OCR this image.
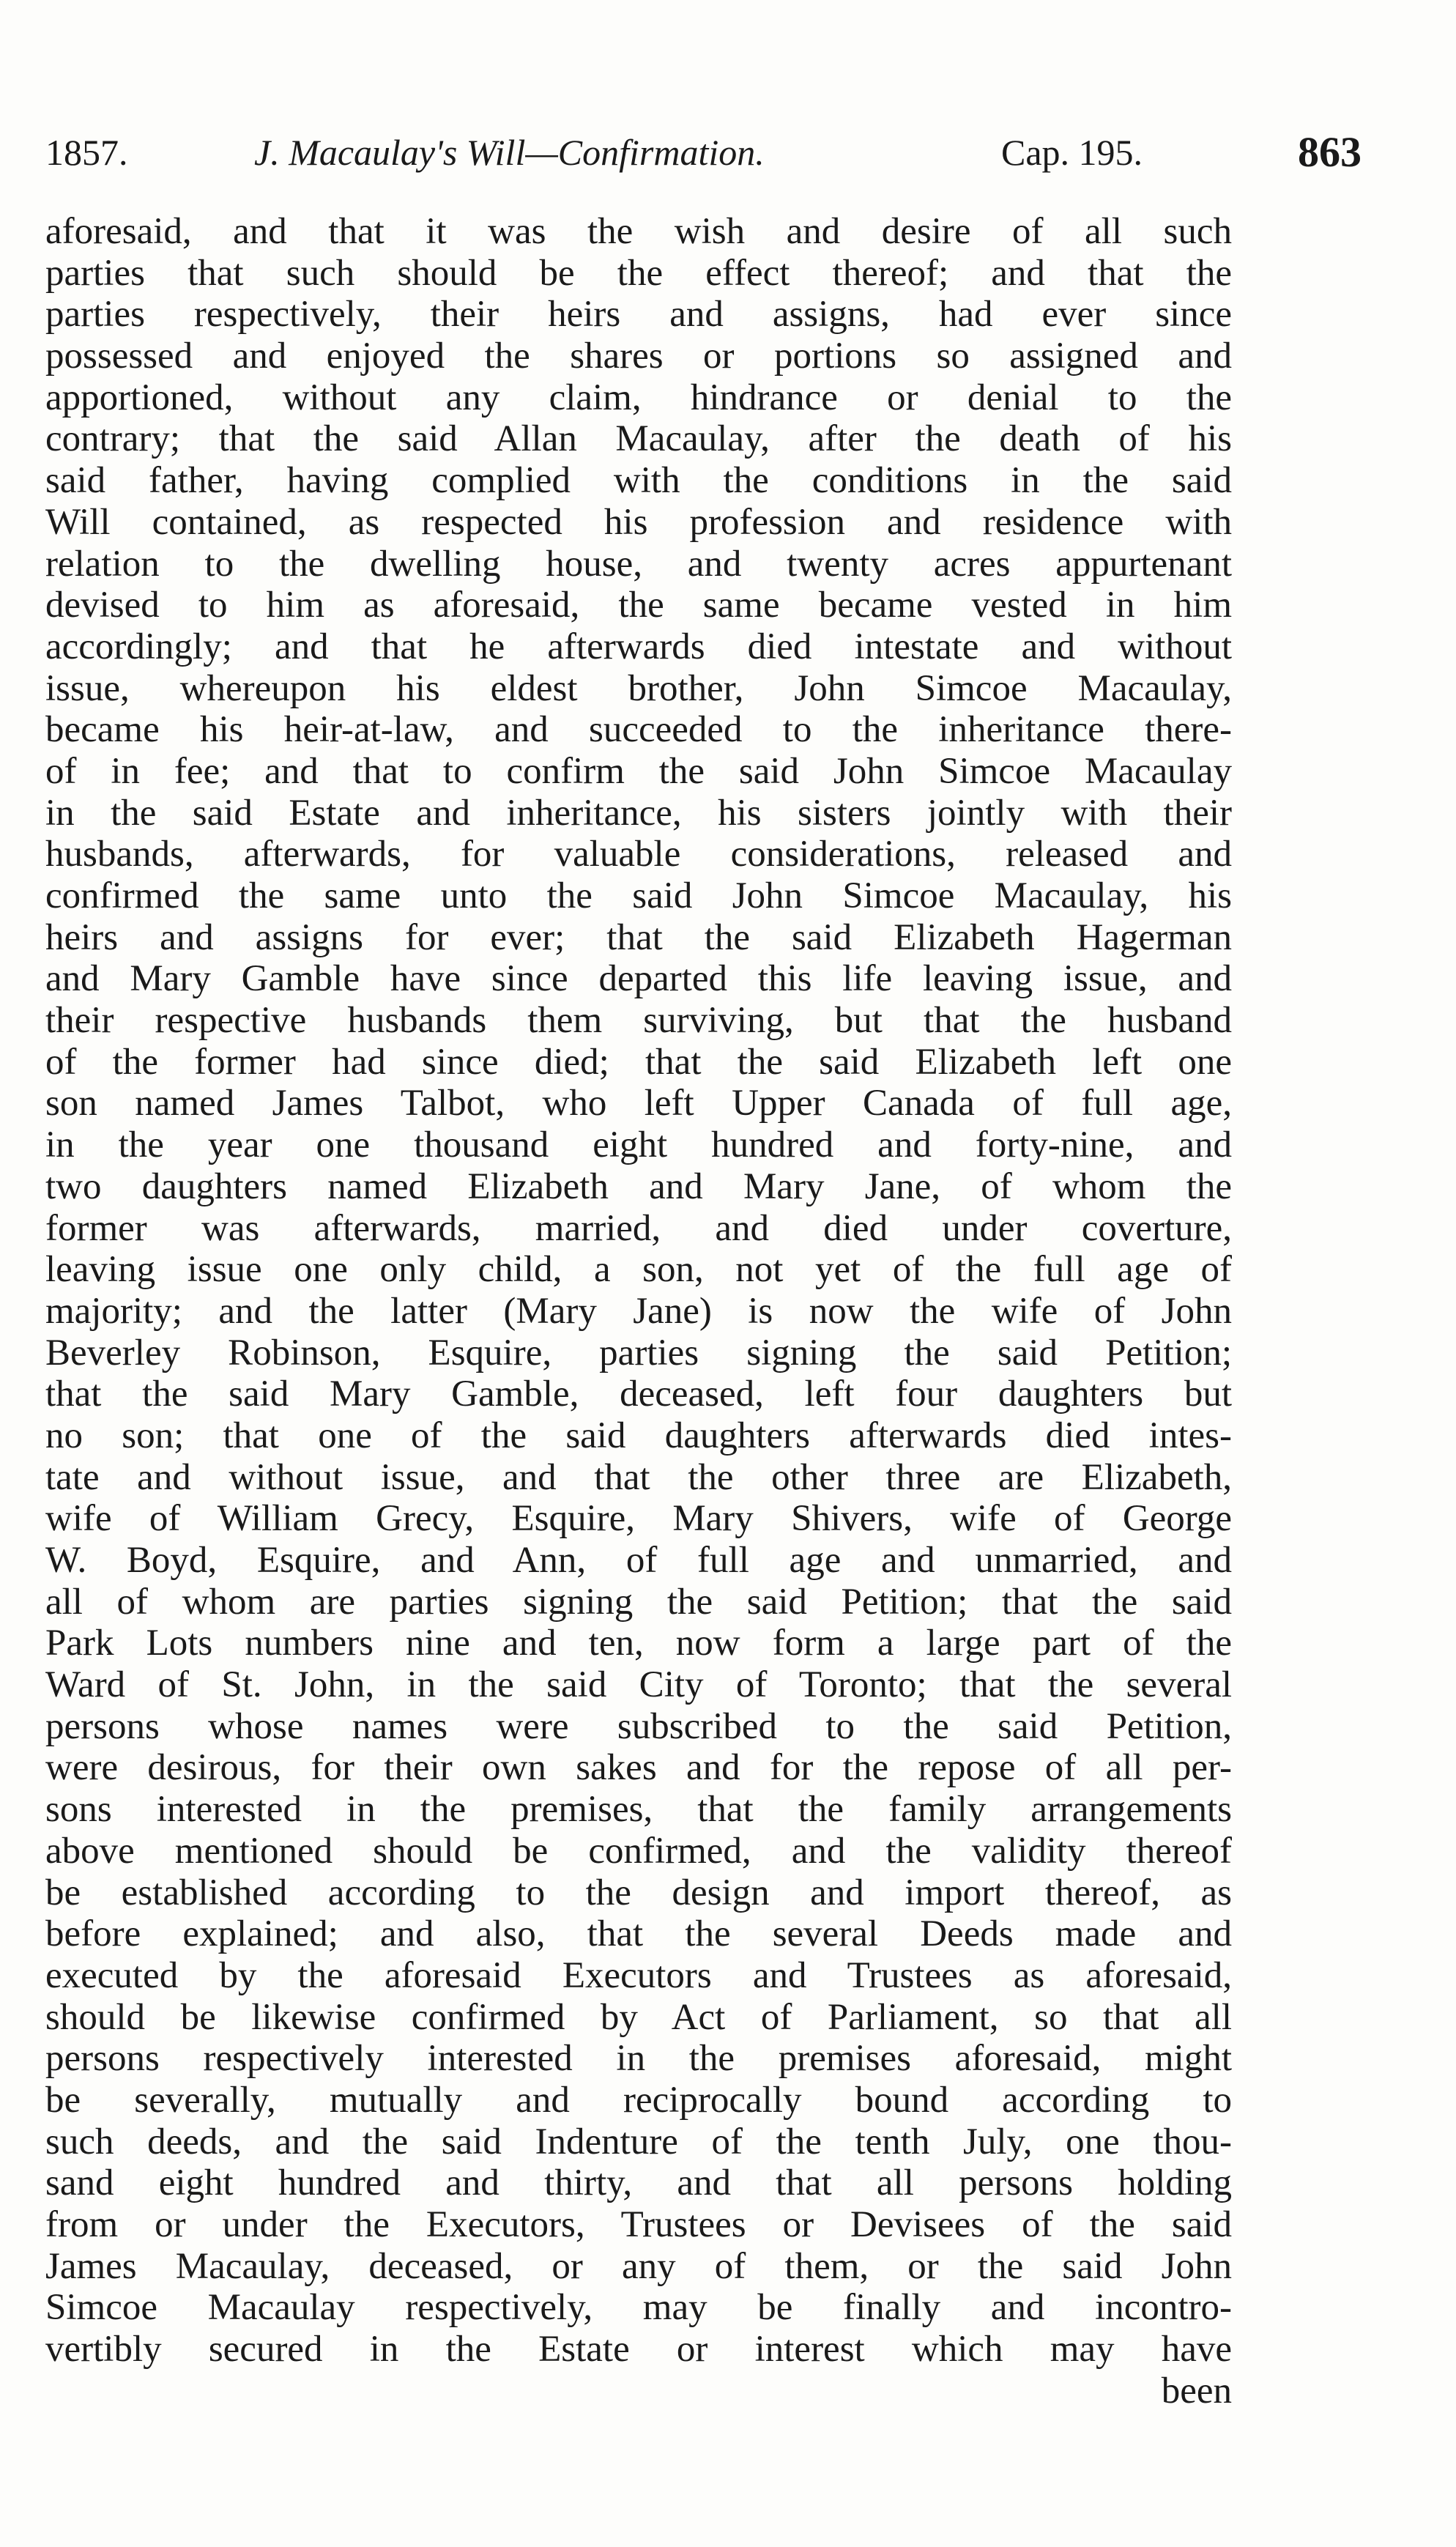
1857.	J. Macaulay's Will—Confirmation.	Cap. 195.	863
aforesaid, and that it was the wish and desire of all such
parties that such should be the effect thereof; and that the
parties respectively, their heirs and assigns, had ever since
possessed and enjoyed the shares or portions so assigned and
apportioned, without any claim, hindrance or denial to the
contrary; that the said Allan Macaulay, after the death of his
said father, having complied with the conditions in the said
Will contained, as respected his profession and residence with
relation to the dwelling house, and twenty acres appurtenant
devised to him as aforesaid, the same became vested in him
accordingly; and that he afterwards died intestate and without
issue, whereupon his eldest brother, John Simcoe Macaulay,
became his heir-at-law, and succeeded to the inheritance there-
of in fee; and that to confirm the said John Simcoe Macaulay
in the said Estate and inheritance, his sisters jointly with their
husbands, afterwards, for valuable considerations, released and
confirmed the same unto the said John Simcoe Macaulay, his
heirs and assigns for ever; that the said Elizabeth Hagerman
and Mary Gamble have since departed this life leaving issue, and
their respective husbands them surviving, but that the husband
of the former had since died; that the said Elizabeth left one
son named James Talbot, who left Upper Canada of full age,
in the year one thousand eight hundred and forty-nine, and
two daughters named Elizabeth and Mary Jane, of whom the
former was afterwards, married, and died under coverture,
leaving issue one only child, a son, not yet of the full age of
majority; and the latter (Mary Jane) is now the wife of John
Beverley Robinson, Esquire, parties signing the said Petition;
that the said Mary Gamble, deceased, left four daughters but
no son; that one of the said daughters afterwards died intes-
tate and without issue, and that the other three are Elizabeth,
wife of William Grecy, Esquire, Mary Shivers, wife of George
W. Boyd, Esquire, and Ann, of full age and unmarried, and
all of whom are parties signing the said Petition; that the said
Park Lots numbers nine and ten, now form a large part of the
Ward of St. John, in the said City of Toronto; that the several
persons whose names were subscribed to the said Petition,
were desirous, for their own sakes and for the repose of all per-
sons interested in the premises, that the family arrangements
above mentioned should be confirmed, and the validity thereof
be established according to the design and import thereof, as
before explained; and also, that the several Deeds made and
executed by the aforesaid Executors and Trustees as aforesaid,
should be likewise confirmed by Act of Parliament, so that all
persons respectively interested in the premises aforesaid, might
be severally, mutually and reciprocally bound according to
such deeds, and the said Indenture of the tenth July, one thou-
sand eight hundred and thirty, and that all persons holding
from or under the Executors, Trustees or Devisees of the said
James Macaulay, deceased, or any of them, or the said John
Simcoe Macaulay respectively, may be finally and incontro-
vertibly secured in the Estate or interest which may have
been
